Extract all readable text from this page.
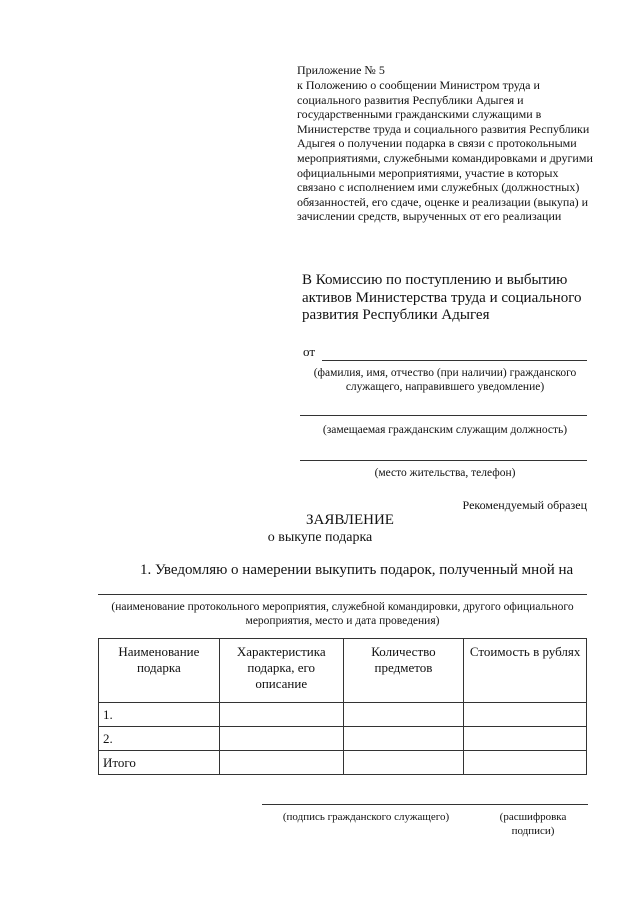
Приложение № 5
к Положению о сообщении Министром труда и социального развития Республики Адыгея и государственными гражданскими служащими в Министерстве труда и социального развития Республики Адыгея о получении подарка в связи с протокольными мероприятиями, служебными командировками и другими официальными мероприятиями, участие в которых связано с исполнением ими служебных (должностных) обязанностей, его сдаче, оценке и реализации (выкупа) и зачислении средств, вырученных от его реализации
В Комиссию по поступлению и выбытию активов Министерства труда и социального развития Республики Адыгея
от
(фамилия, имя, отчество (при наличии) гражданского служащего, направившего уведомление)
(замещаемая гражданским служащим должность)
(место жительства, телефон)
Рекомендуемый образец
ЗАЯВЛЕНИЕ
о выкупе подарка
1. Уведомляю о намерении выкупить подарок, полученный мной на
(наименование протокольного мероприятия, служебной командировки, другого официального мероприятия, место и дата проведения)
Наименование подарка	Характеристика подарка, его описание	Количество предметов	Стоимость в рублях
1.			
2.			
Итого			
(подпись гражданского служащего)	(расшифровка подписи)
